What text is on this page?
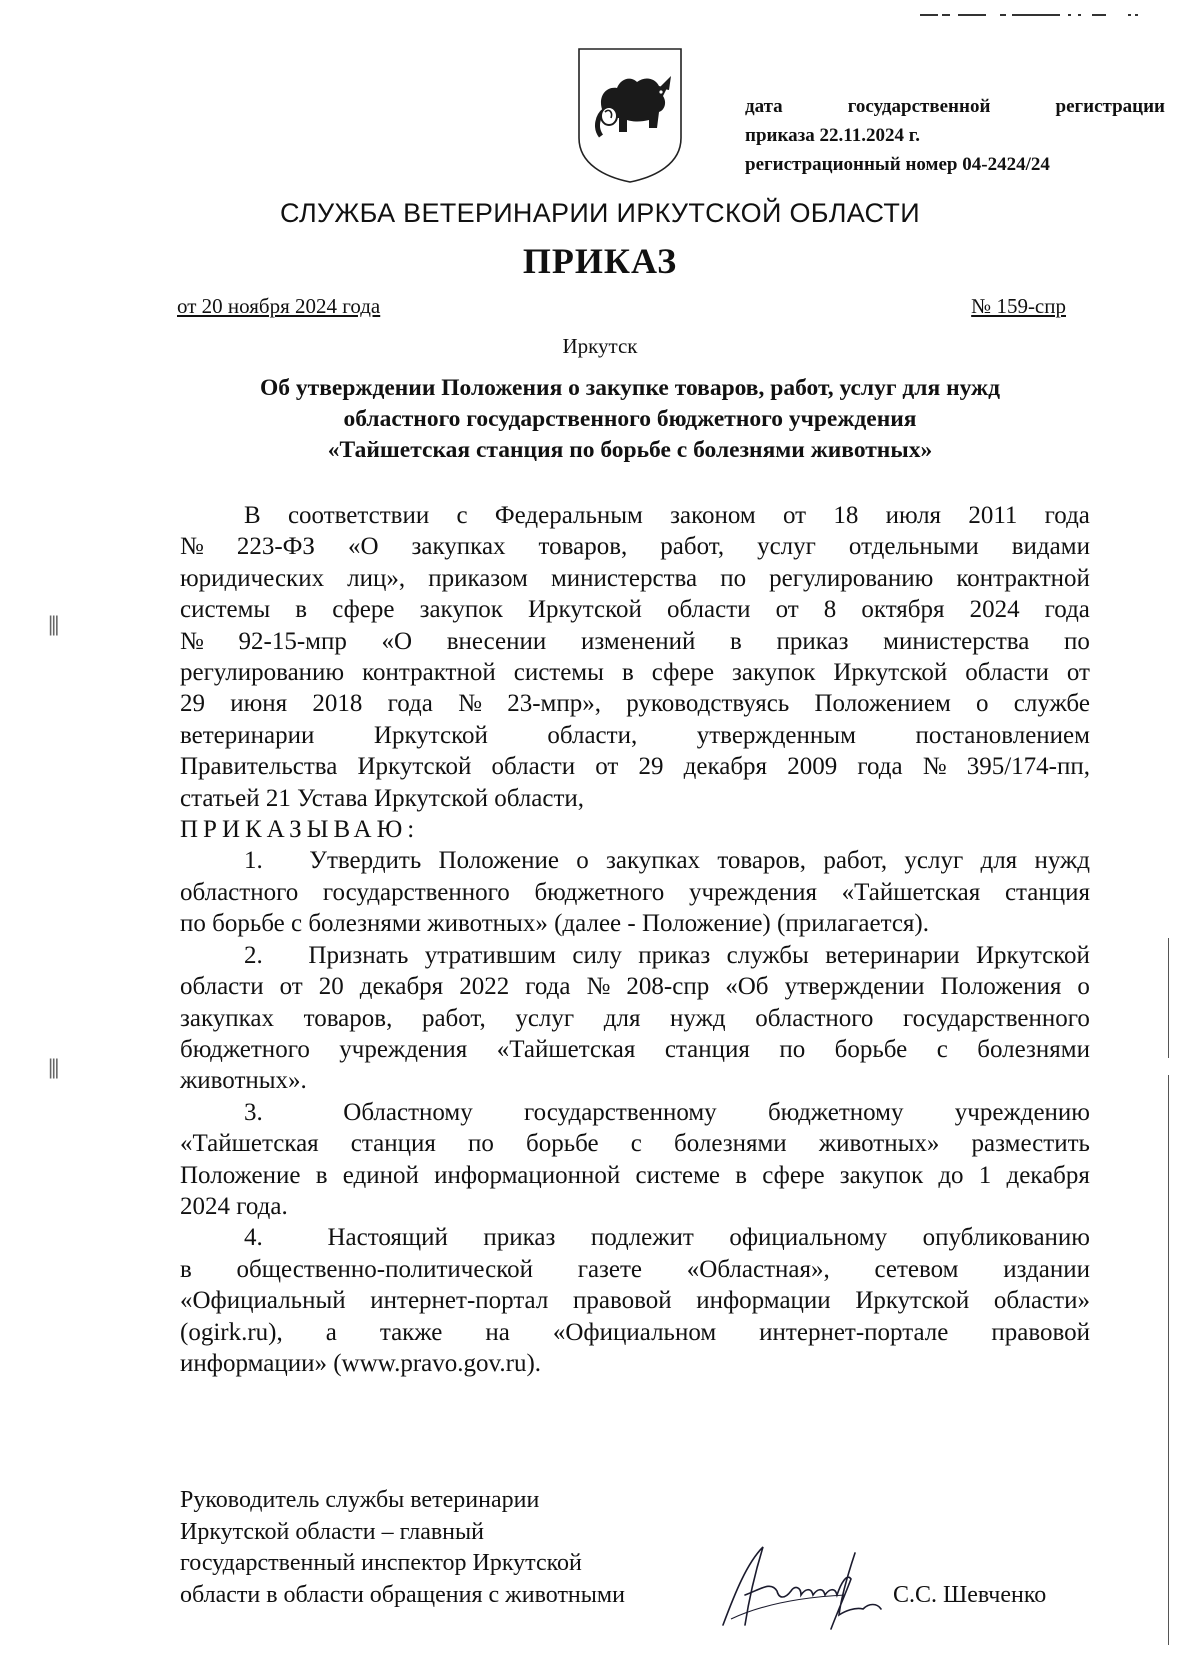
⦀
⦀
дата	государственной	регистрации
приказа 22.11.2024 г.
регистрационный номер 04-2424/24
СЛУЖБА ВЕТЕРИНАРИИ ИРКУТСКОЙ ОБЛАСТИ
ПРИКАЗ
от 20 ноября 2024 года	№ 159-спр
Иркутск
Об утверждении Положения о закупке товаров, работ, услуг для нужд
областного государственного бюджетного учреждения
«Тайшетская станция по борьбе с болезнями животных»
В соответствии с Федеральным законом от 18 июля 2011 года
№ 223-ФЗ «О закупках товаров, работ, услуг отдельными видами
юридических лиц», приказом министерства по регулированию контрактной
системы в сфере закупок Иркутской области от 8 октября 2024 года
№ 92-15-мпр «О внесении изменений в приказ министерства по
регулированию контрактной системы в сфере закупок Иркутской области от
29 июня 2018 года № 23-мпр», руководствуясь Положением о службе
ветеринарии Иркутской области, утвержденным постановлением
Правительства Иркутской области от 29 декабря 2009 года № 395/174-пп,
статьей 21 Устава Иркутской области,
ПРИКАЗЫВАЮ:
1.	Утвердить Положение о закупках товаров, работ, услуг для нужд
областного государственного бюджетного учреждения «Тайшетская станция
по борьбе с болезнями животных» (далее - Положение) (прилагается).
2.	Признать утратившим силу приказ службы ветеринарии Иркутской
области от 20 декабря 2022 года № 208-спр «Об утверждении Положения о
закупках товаров, работ, услуг для нужд областного государственного
бюджетного учреждения «Тайшетская станция по борьбе с болезнями
животных».
3.	Областному государственному бюджетному учреждению
«Тайшетская станция по борьбе с болезнями животных» разместить
Положение в единой информационной системе в сфере закупок до 1 декабря
2024 года.
4.	Настоящий приказ подлежит официальному опубликованию
в общественно-политической газете «Областная», сетевом издании
«Официальный интернет-портал правовой информации Иркутской области»
(ogirk.ru), а также на «Официальном интернет-портале правовой
информации» (www.pravo.gov.ru).
Руководитель службы ветеринарии
Иркутской области – главный
государственный инспектор Иркутской
области в области обращения с животными	С.С. Шевченко
